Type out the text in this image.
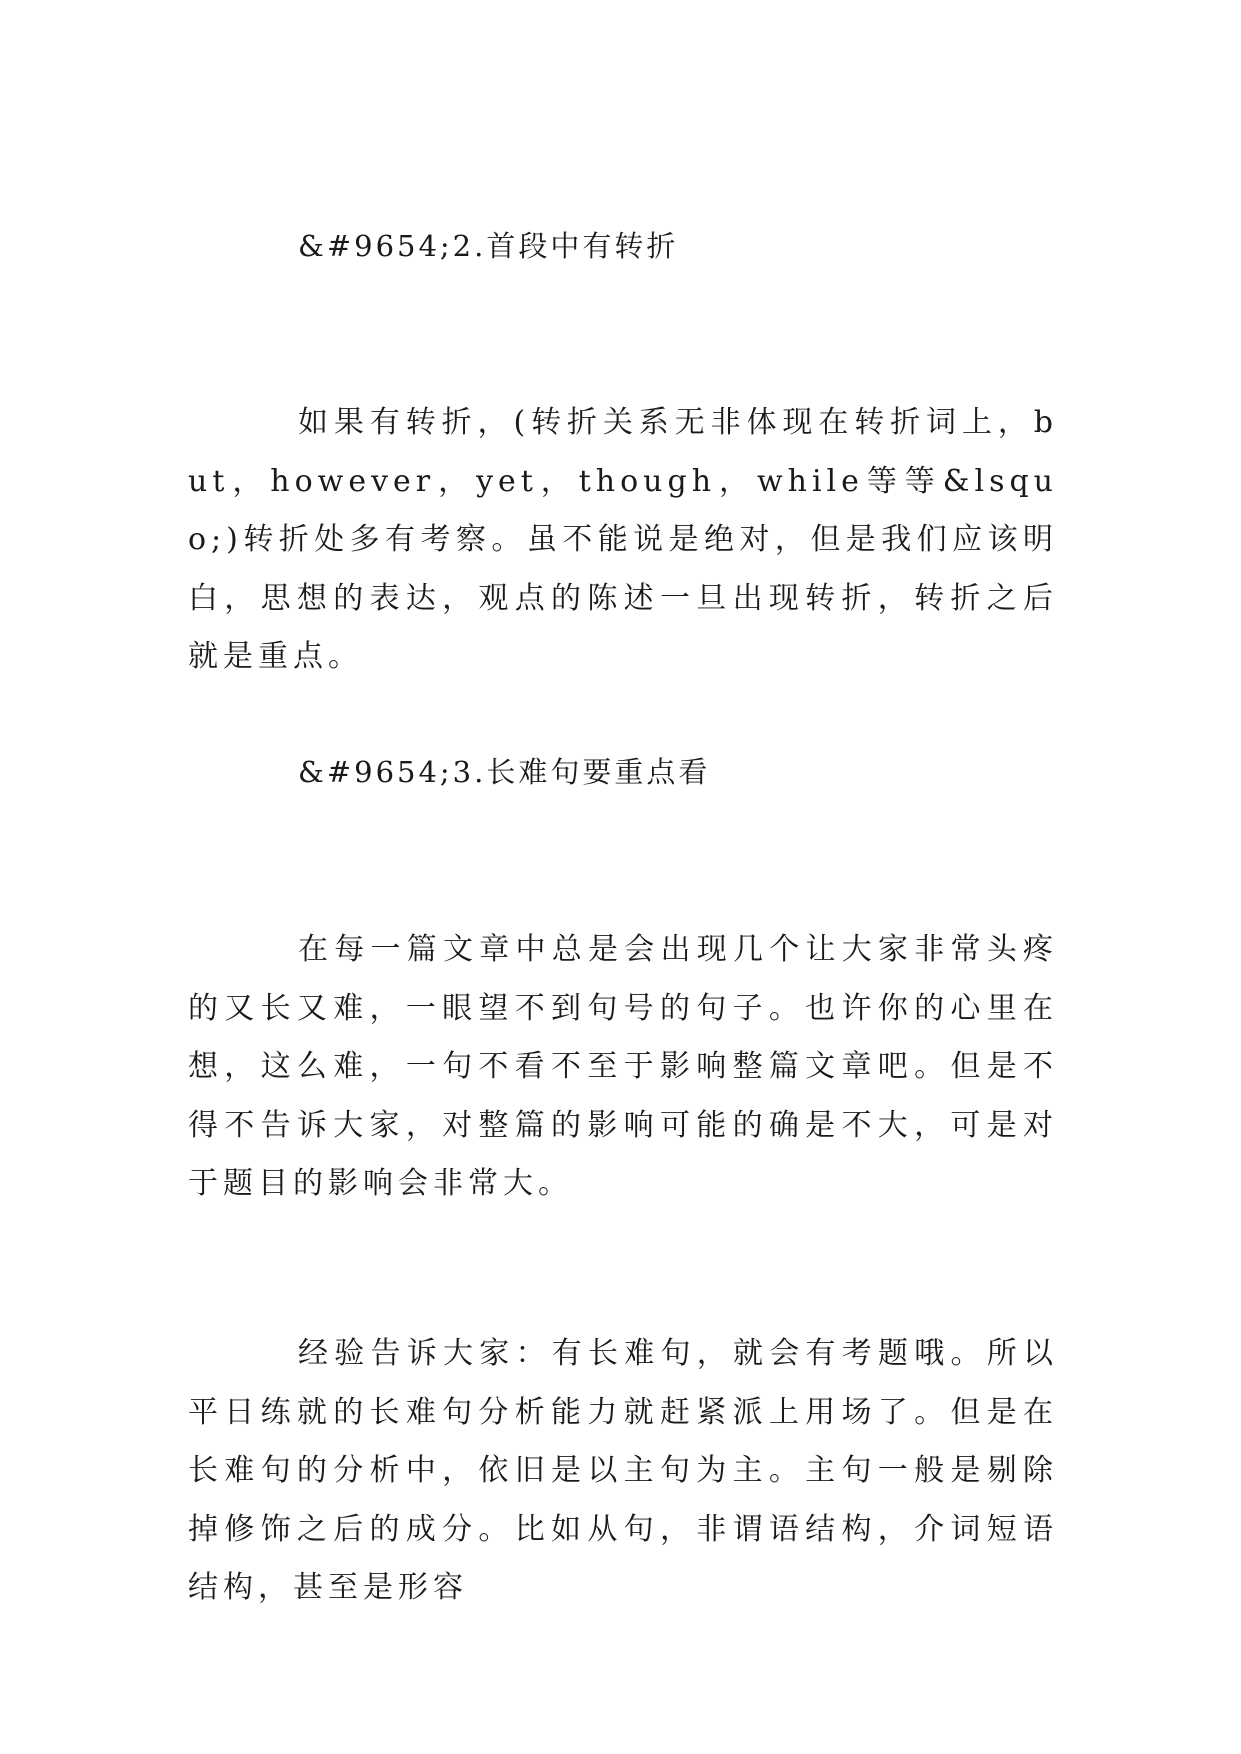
&#9654;2.首段中有转折

如果有转折，(转折关系无非体现在转折词上，but，however，yet，though，while等等&lsquo;)转折处多有考察。虽不能说是绝对，但是我们应该明白，思想的表达，观点的陈述一旦出现转折，转折之后就是重点。

&#9654;3.长难句要重点看

在每一篇文章中总是会出现几个让大家非常头疼的又长又难，一眼望不到句号的句子。也许你的心里在想，这么难，一句不看不至于影响整篇文章吧。但是不得不告诉大家，对整篇的影响可能的确是不大，可是对于题目的影响会非常大。

经验告诉大家：有长难句，就会有考题哦。所以平日练就的长难句分析能力就赶紧派上用场了。但是在长难句的分析中，依旧是以主句为主。主句一般是剔除掉修饰之后的成分。比如从句，非谓语结构，介词短语结构，甚至是形容
